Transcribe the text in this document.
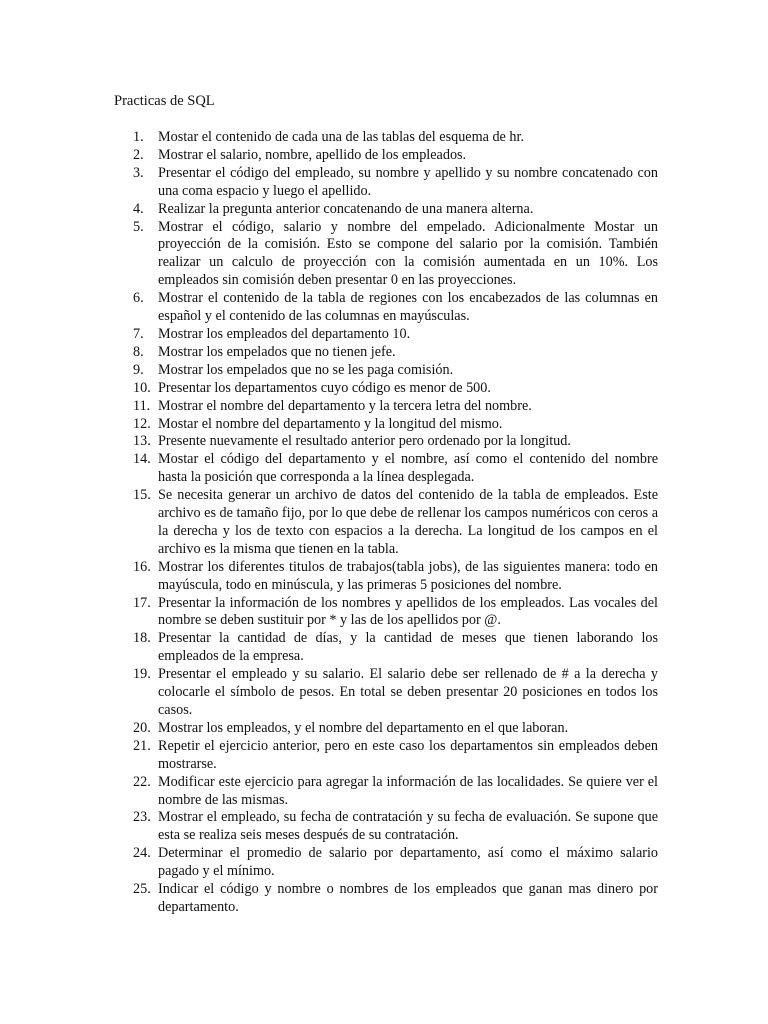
Practicas de SQL
1. Mostar el contenido de cada una de las tablas del esquema de hr.
2. Mostrar el salario, nombre, apellido de los empleados.
3. Presentar el código del empleado, su nombre y apellido y su nombre concatenado con una coma espacio y luego el apellido.
4. Realizar la pregunta anterior concatenando de una manera alterna.
5. Mostrar el código, salario y nombre del empelado. Adicionalmente Mostar un proyección de la comisión. Esto se compone del salario por la comisión. También realizar un calculo de proyección con la comisión aumentada en un 10%. Los empleados sin comisión deben presentar 0 en las proyecciones.
6. Mostrar el contenido de la tabla de regiones con los encabezados de las columnas en español y el contenido de las columnas en mayúsculas.
7. Mostrar los empleados del departamento 10.
8. Mostrar los empelados que no tienen jefe.
9. Mostrar los empelados que no se les paga comisión.
10. Presentar los departamentos cuyo código es menor de 500.
11. Mostrar el nombre del departamento y la tercera letra del nombre.
12. Mostar el nombre del departamento y la longitud del mismo.
13. Presente nuevamente el resultado anterior pero ordenado por la longitud.
14. Mostar el código del departamento y el nombre, así como el contenido del nombre hasta la posición que corresponda a la línea desplegada.
15. Se necesita generar un archivo de datos del contenido de la tabla de empleados. Este archivo es de tamaño fijo, por lo que debe de rellenar los campos numéricos con ceros a la derecha y los de texto con espacios a la derecha. La longitud de los campos en el archivo es la misma que tienen en la tabla.
16. Mostrar los diferentes titulos de trabajos(tabla jobs), de las siguientes manera: todo en mayúscula, todo en minúscula, y las primeras 5 posiciones del nombre.
17. Presentar la información de los nombres y apellidos de los empleados. Las vocales del nombre se deben sustituir por * y las de los apellidos por @.
18. Presentar la cantidad de días, y la cantidad de meses que tienen laborando los empleados de la empresa.
19. Presentar el empleado y su salario. El salario debe ser rellenado de # a la derecha y colocarle el símbolo de pesos. En total se deben presentar 20 posiciones en todos los casos.
20. Mostrar los empleados, y el nombre del departamento en el que laboran.
21. Repetir el ejercicio anterior, pero en este caso los departamentos sin empleados deben mostrarse.
22. Modificar este ejercicio para agregar la información de las localidades. Se quiere ver el nombre de las mismas.
23. Mostrar el empleado, su fecha de contratación y su fecha de evaluación. Se supone que esta se realiza seis meses después de su contratación.
24. Determinar el promedio de salario por departamento, así como el máximo salario pagado y el mínimo.
25. Indicar el código y nombre o nombres de los empleados que ganan mas dinero por departamento.
